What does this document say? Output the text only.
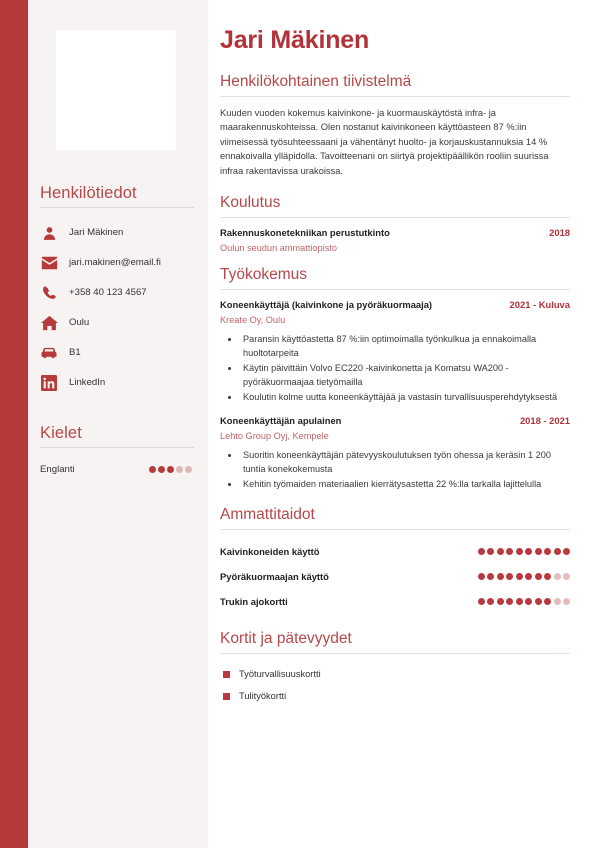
Henkilötiedot
Jari Mäkinen
jari.makinen@email.fi
+358 40 123 4567
Oulu
B1
LinkedIn
Kielet
Englanti
Jari Mäkinen
Henkilökohtainen tiivistelmä

Kuuden vuoden kokemus kaivinkone- ja kuormauskäytöstä infra- ja maarakennuskohteissa. Olen nostanut kaivinkoneen käyttöasteen 87 %:iin viimeisessä työsuhteessaani ja vähentänyt huolto- ja korjauskustannuksia 14 % ennakoivalla ylläpidolla. Tavoitteenani on siirtyä projektipäällikön rooliin suurissa infraa rakentavissa urakoissa.

Koulutus
Rakennuskonetekniikan perustutkinto	2018
Oulun seudun ammattiopisto
Työkokemus
Koneenkäyttäjä (kaivinkone ja pyöräkuormaaja)	2021 - Kuluva
Kreate Oy, Oulu
• Paransin käyttöastetta 87 %:iin optimoimalla työnkulkua ja ennakoimalla huoltotarpeita
• Käytin päivittäin Volvo EC220 -kaivinkonetta ja Komatsu WA200 -pyöräkuormaajaa tietyömailla
• Koulutin kolme uutta koneenkäyttäjää ja vastasin turvallisuusperehdytyksestä
Koneenkäyttäjän apulainen	2018 - 2021
Lehto Group Oyj, Kempele
• Suoritin koneenkäyttäjän pätevyyskoulutuksen työn ohessa ja keräsin 1 200 tuntia konekokemusta
• Kehitin työmaiden materiaalien kierrätysastetta 22 %:lla tarkalla lajittelulla
Ammattitaidot
Kaivinkoneiden käyttö
Pyöräkuormaajan käyttö
Trukin ajokortti
Kortit ja pätevyydet
Työturvallisuuskortti
Tulityökortti
